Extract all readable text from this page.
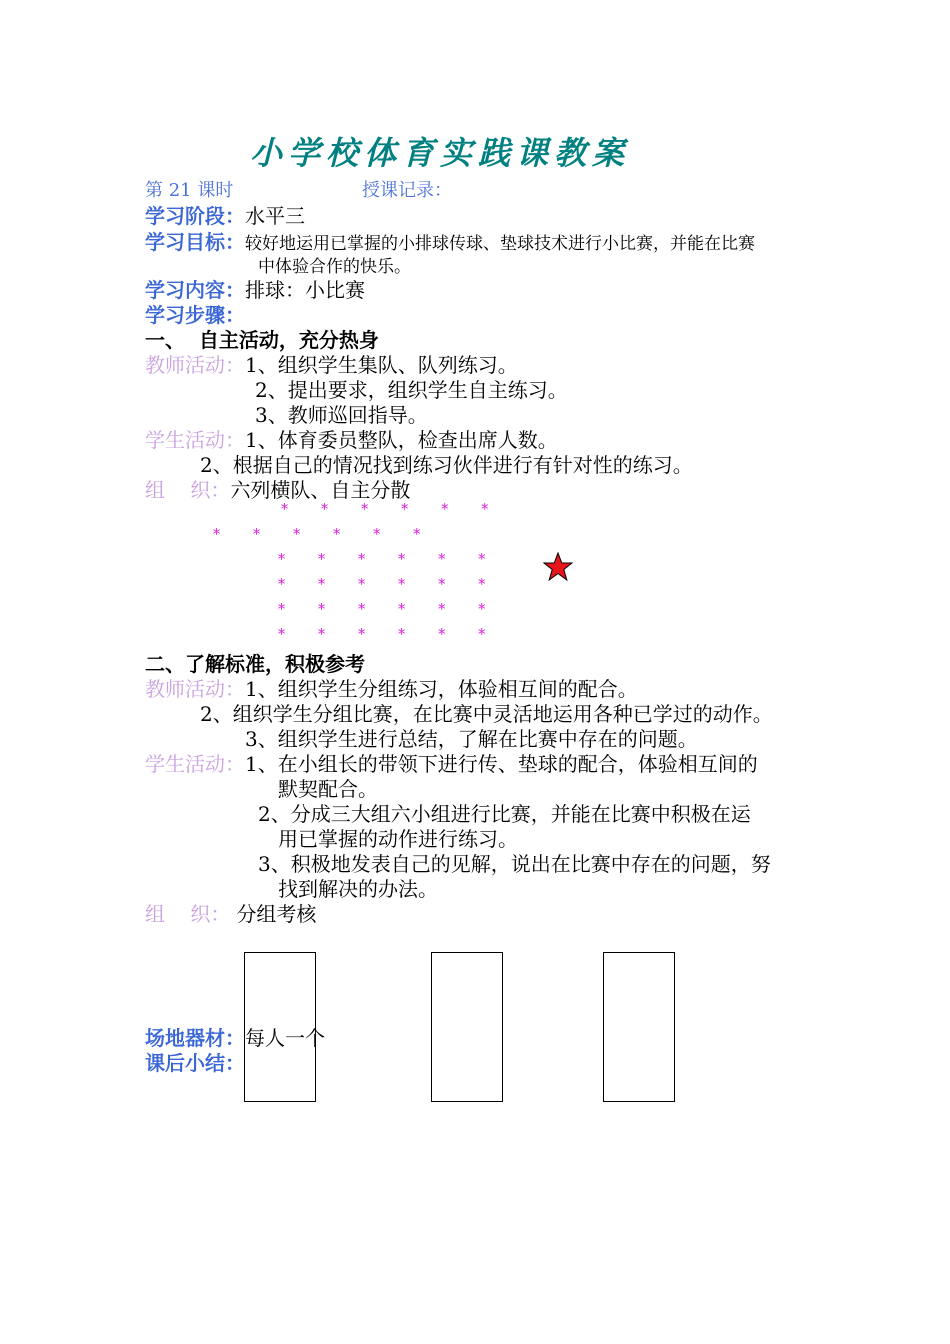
小学校体育实践课教案
第 21 课时	授课记录：
学习阶段：水平三
学习目标：较好地运用已掌握的小排球传球、垫球技术进行小比赛，并能在比赛
中体验合作的快乐。
学习内容：排球：小比赛
学习步骤：
一、  自主活动，充分热身
教师活动：1、组织学生集队、队列练习。
2、提出要求，组织学生自主练习。
3、教师巡回指导。
学生活动：1、体育委员整队，检查出席人数。
2、根据自己的情况找到练习伙伴进行有针对性的练习。
组    织：六列横队、自主分散
* * * * * *
* * * * * *
* * * * * *
* * * * * *
* * * * * *
* * * * * *
二、了解标准，积极参考
教师活动：1、组织学生分组练习，体验相互间的配合。
2、组织学生分组比赛，在比赛中灵活地运用各种已学过的动作。
3、组织学生进行总结，了解在比赛中存在的问题。
学生活动：1、在小组长的带领下进行传、垫球的配合，体验相互间的
默契配合。
2、分成三大组六小组进行比赛，并能在比赛中积极在运
用已掌握的动作进行练习。
3、积极地发表自己的见解，说出在比赛中存在的问题，努
找到解决的办法。
组    织： 分组考核
场地器材：每人一个
课后小结：
